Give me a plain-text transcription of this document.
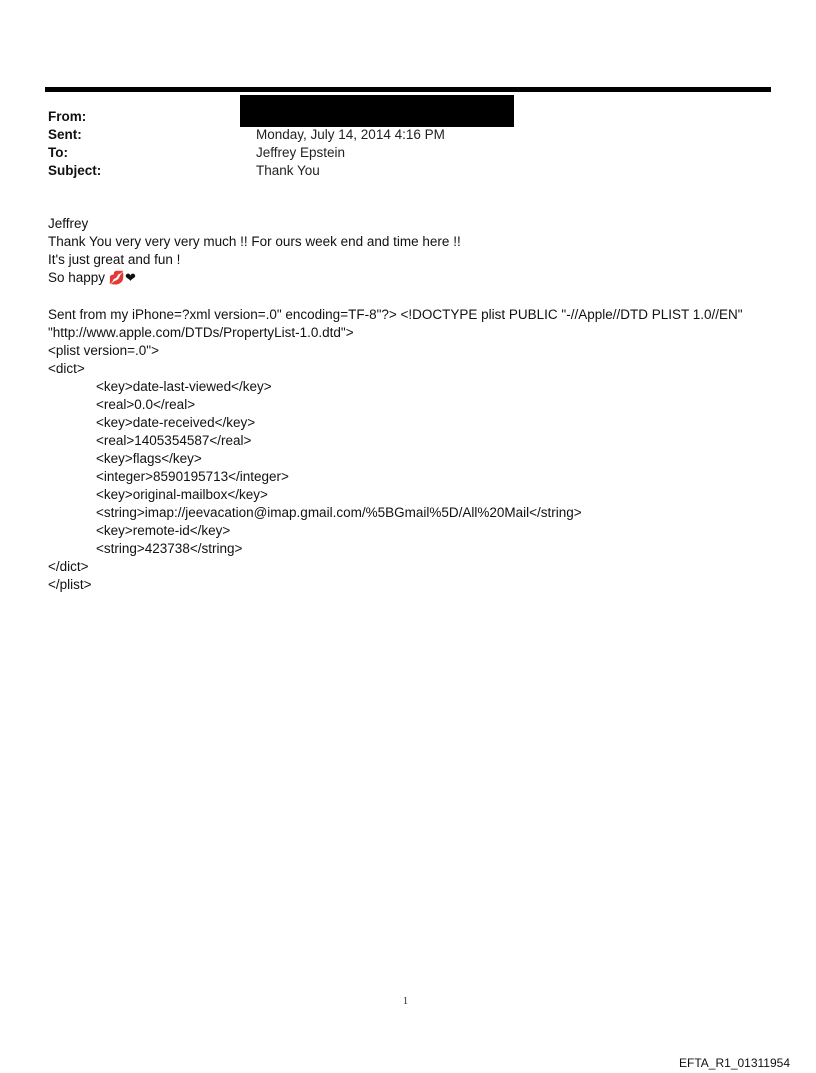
From:
Sent:	Monday, July 14, 2014 4:16 PM
To:	Jeffrey Epstein
Subject:	Thank You
Jeffrey
Thank You very very very much !! For ours week end and time here !!
It's just great and fun !
So happy 💋❤
Sent from my iPhone=?xml version=.0" encoding=TF-8"?> <!DOCTYPE plist PUBLIC "-//Apple//DTD PLIST 1.0//EN"
"http://www.apple.com/DTDs/PropertyList-1.0.dtd">
<plist version=.0">
<dict>
<key>date-last-viewed</key>
<real>0.0</real>
<key>date-received</key>
<real>1405354587</real>
<key>flags</key>
<integer>8590195713</integer>
<key>original-mailbox</key>
<string>imap://jeevacation@imap.gmail.com/%5BGmail%5D/All%20Mail</string>
<key>remote-id</key>
<string>423738</string>
</dict>
</plist>
1
EFTA_R1_01311954
